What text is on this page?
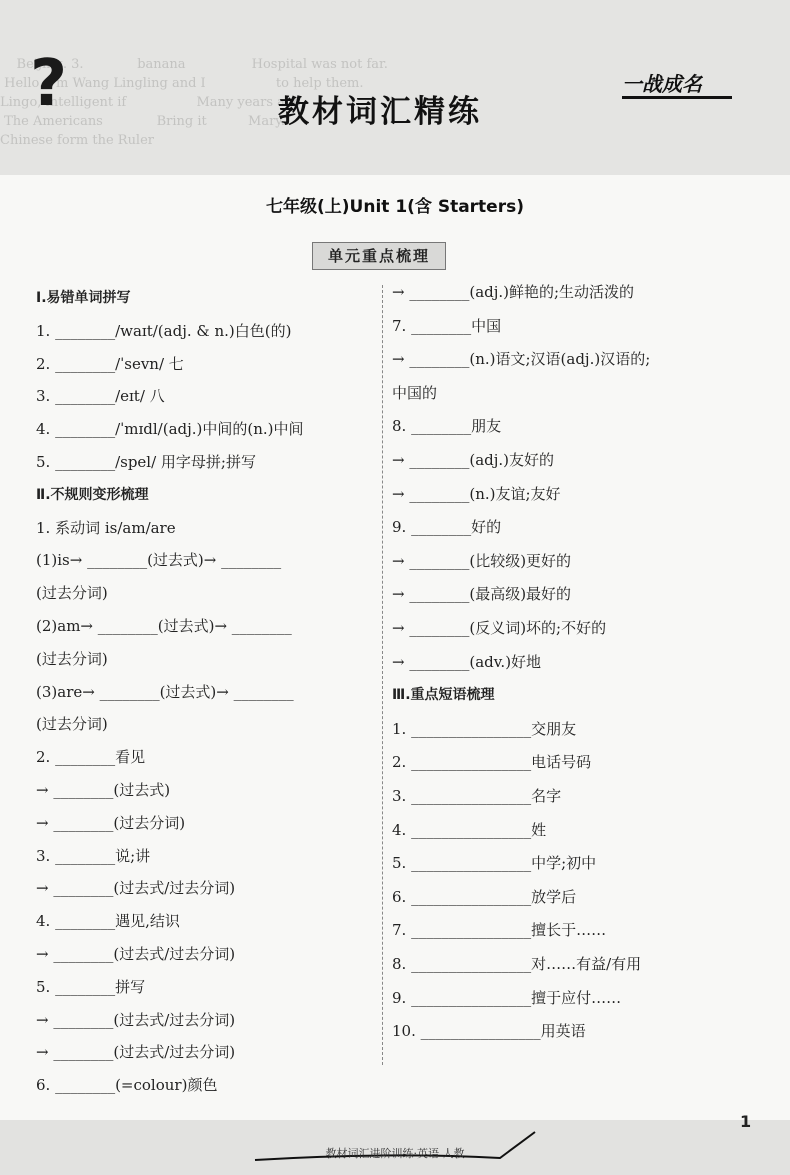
Beijing. 3.             banana                Hospital was not far.
Hello. I'm Wang Lingling and I                 to help them.
Lingo, intelligent if                 Many years ago
The Americans             Bring it          Mary.
Chinese form the Ruler

?	教材词汇精练
一战成名
七年级(上)Unit 1(含 Starters)
单元重点梳理
Ⅰ.易错单词拼写
1. ________/waɪt/(adj. & n.)白色(的)
2. ________/ˈsevn/ 七
3. ________/eɪt/ 八
4. ________/ˈmɪdl/(adj.)中间的(n.)中间
5. ________/spel/ 用字母拼;拼写
Ⅱ.不规则变形梳理
1. 系动词 is/am/are
(1)is→ ________(过去式)→ ________
(过去分词)
(2)am→ ________(过去式)→ ________
(过去分词)
(3)are→ ________(过去式)→ ________
(过去分词)
2. ________看见
→ ________(过去式)
→ ________(过去分词)
3. ________说;讲
→ ________(过去式/过去分词)
4. ________遇见,结识
→ ________(过去式/过去分词)
5. ________拼写
→ ________(过去式/过去分词)
→ ________(过去式/过去分词)
6. ________(=colour)颜色
→ ________(adj.)鲜艳的;生动活泼的
7. ________中国
→ ________(n.)语文;汉语(adj.)汉语的;
中国的
8. ________朋友
→ ________(adj.)友好的
→ ________(n.)友谊;友好
9. ________好的
→ ________(比较级)更好的
→ ________(最高级)最好的
→ ________(反义词)坏的;不好的
→ ________(adv.)好地
Ⅲ.重点短语梳理
1. ________________交朋友
2. ________________电话号码
3. ________________名字
4. ________________姓
5. ________________中学;初中
6. ________________放学后
7. ________________擅长于……
8. ________________对……有益/有用
9. ________________擅于应付……
10. ________________用英语
1
教材词汇进阶训练·英语 人教
